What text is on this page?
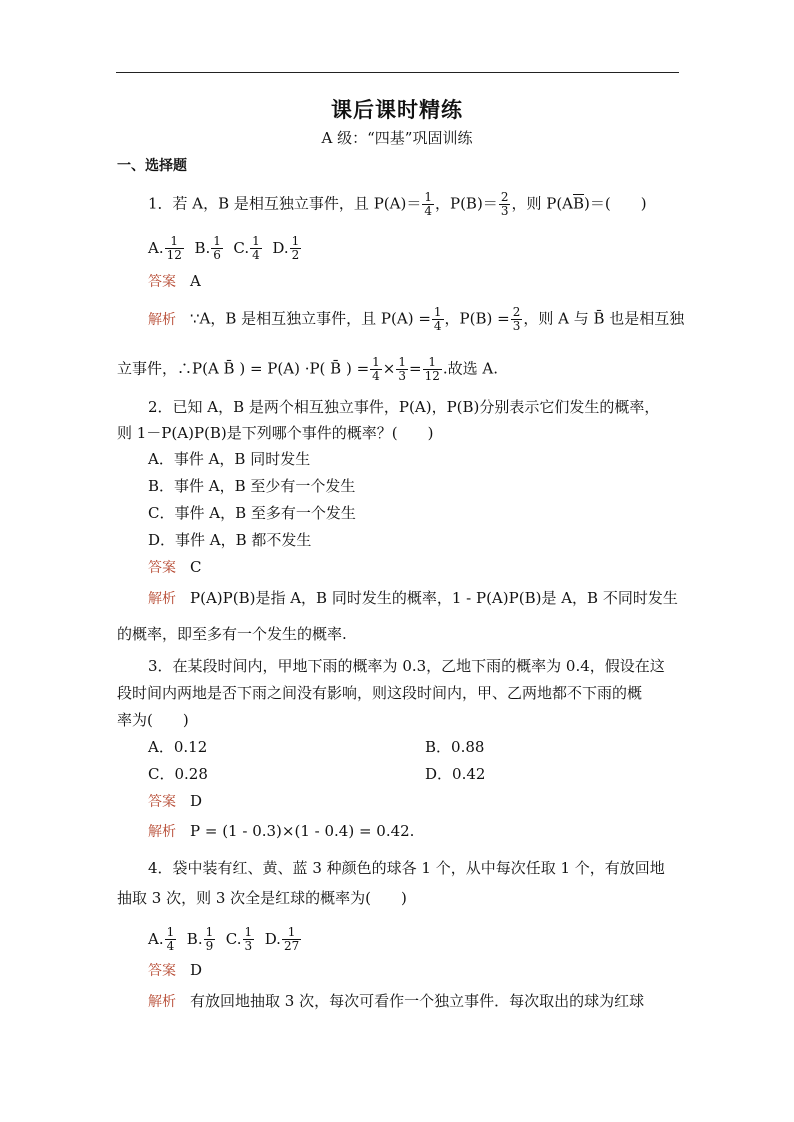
课后课时精练
A 级：“四基”巩固训练
一、选择题
1．若 A，B 是相互独立事件，且 $P(A)= \frac{1}{4}$ ，$P(B)= \frac{2}{3}$ ，则 $P(A\overline{B})=$(　　)
A. $\frac{1}{12} B$. $\frac{1}{6} C$. $\frac{1}{4} D$. $\frac{1}{2}$
答案 A
解析 ∵A，B 是相互独立事件，且 $P(A) = \frac{1}{4}$ ，$P(B) = \frac{2}{3}$ ，则 A 与 B̄ 也是相互独
立事件，∴P(A B̄ ) = P(A) ·P( B̄ ) = $\frac{1}{4} \times \frac{1}{3} = \frac{1}{12}$ .故选 A.
2．已知 A，B 是两个相互独立事件，P(A)，P(B)分别表示它们发生的概率，
则 1－P(A)P(B)是下列哪个事件的概率？(　　)
A．事件 A，B 同时发生
B．事件 A，B 至少有一个发生
C．事件 A，B 至多有一个发生
D．事件 A，B 都不发生
答案 C
解析 P(A)P(B)是指 A，B 同时发生的概率，1 - P(A)P(B)是 A，B 不同时发生
的概率，即至多有一个发生的概率.
3．在某段时间内，甲地下雨的概率为 0.3，乙地下雨的概率为 0.4，假设在这
段时间内两地是否下雨之间没有影响，则这段时间内，甲、乙两地都不下雨的概
率为(　　)
A．0.12	B．0.88
C．0.28	D．0.42
答案 D
解析 P = (1 - 0.3)×(1 - 0.4) = 0.42.
4．袋中装有红、黄、蓝 3 种颜色的球各 1 个，从中每次任取 1 个，有放回地
抽取 3 次，则 3 次全是红球的概率为(　　)
A. $\frac{1}{4} B$. $\frac{1}{9} C$. $\frac{1}{3} D$. $\frac{1}{27}$
答案 D
解析 有放回地抽取 3 次，每次可看作一个独立事件．每次取出的球为红球
